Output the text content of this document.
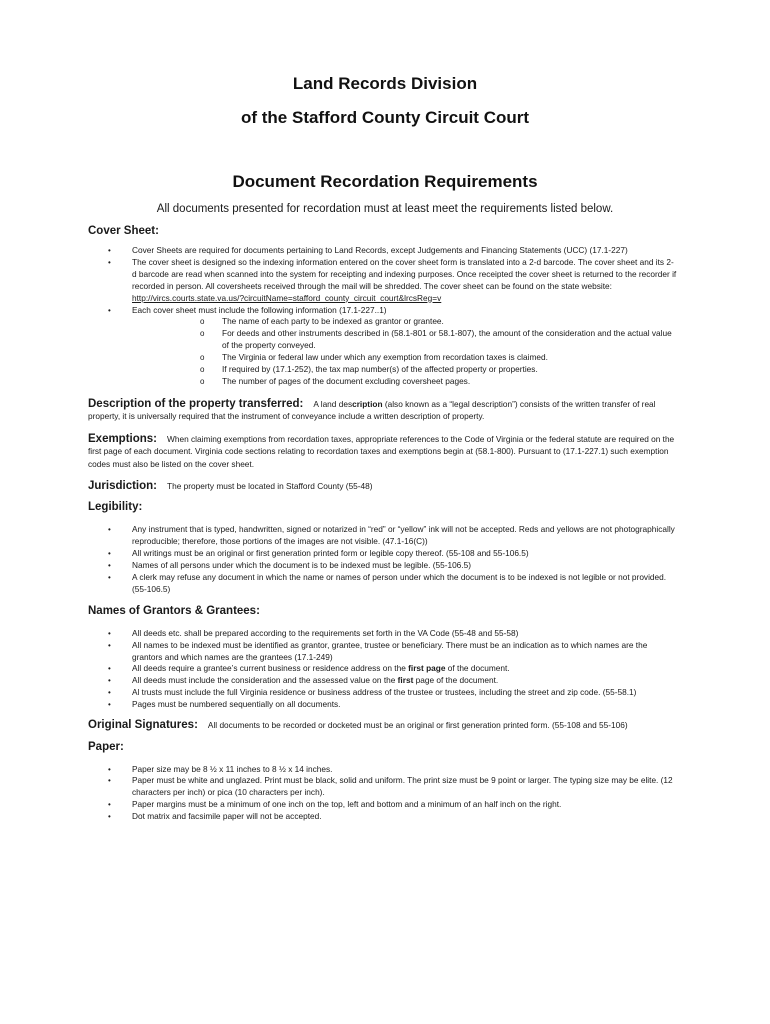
Land Records Division
of the Stafford County Circuit Court
Document Recordation Requirements
All documents presented for recordation must at least meet the requirements listed below.

Cover Sheet:

•	Cover Sheets are required for documents pertaining to Land Records, except Judgements and Financing Statements (UCC) (17.1-227)
•	The cover sheet is designed so the indexing information entered on the cover sheet form is translated into a 2-d barcode. The cover sheet and its 2-d barcode are read when scanned into the system for receipting and indexing purposes. Once receipted the cover sheet is returned to the recorder if recorded in person. All coversheets received through the mail will be shredded. The cover sheet can be found on the state website:
http://vircs.courts.state.va.us/?circuitName=stafford_county_circuit_court&lrcsReg=v
•	Each cover sheet must include the following information (17.1-227..1)
o The name of each party to be indexed as grantor or grantee.
o For deeds and other instruments described in (58.1-801 or 58.1-807), the amount of the consideration and the actual value of the property conveyed.
o The Virginia or federal law under which any exemption from recordation taxes is claimed.
o If required by (17.1-252), the tax map number(s) of the affected property or properties.
o The number of pages of the document excluding coversheet pages.

Description of the property transferred: A land description (also known as a “legal description”) consists of the written transfer of real property, it is universally required that the instrument of conveyance include a written description of property.

Exemptions: When claiming exemptions from recordation taxes, appropriate references to the Code of Virginia or the federal statute are required on the first page of each document. Virginia code sections relating to recordation taxes and exemptions begin at (58.1-800). Pursuant to (17.1-227.1) such exemption codes must also be listed on the cover sheet.

Jurisdiction: The property must be located in Stafford County (55-48)

Legibility:

•	Any instrument that is typed, handwritten, signed or notarized in “red” or “yellow” ink will not be accepted. Reds and yellows are not photographically reproducible; therefore, those portions of the images are not visible. (47.1-16(C))
•	All writings must be an original or first generation printed form or legible copy thereof. (55-108 and 55-106.5)
•	Names of all persons under which the document is to be indexed must be legible. (55-106.5)
•	A clerk may refuse any document in which the name or names of person under which the document is to be indexed is not legible or not provided. (55-106.5)

Names of Grantors & Grantees:

•	All deeds etc. shall be prepared according to the requirements set forth in the VA Code (55-48 and 55-58)
•	All names to be indexed must be identified as grantor, grantee, trustee or beneficiary. There must be an indication as to which names are the grantors and which names are the grantees (17.1-249)
•	All deeds require a grantee’s current business or residence address on the first page of the document.
•	All deeds must include the consideration and the assessed value on the first page of the document.
•	Al trusts must include the full Virginia residence or business address of the trustee or trustees, including the street and zip code. (55-58.1)
•	Pages must be numbered sequentially on all documents.

Original Signatures: All documents to be recorded or docketed must be an original or first generation printed form. (55-108 and 55-106)

Paper:

•	Paper size may be 8 ½ x 11 inches to 8 ½ x 14 inches.
•	Paper must be white and unglazed. Print must be black, solid and uniform. The print size must be 9 point or larger. The typing size may be elite. (12 characters per inch) or pica (10 characters per inch).
•	Paper margins must be a minimum of one inch on the top, left and bottom and a minimum of an half inch on the right.
•	Dot matrix and facsimile paper will not be accepted.
